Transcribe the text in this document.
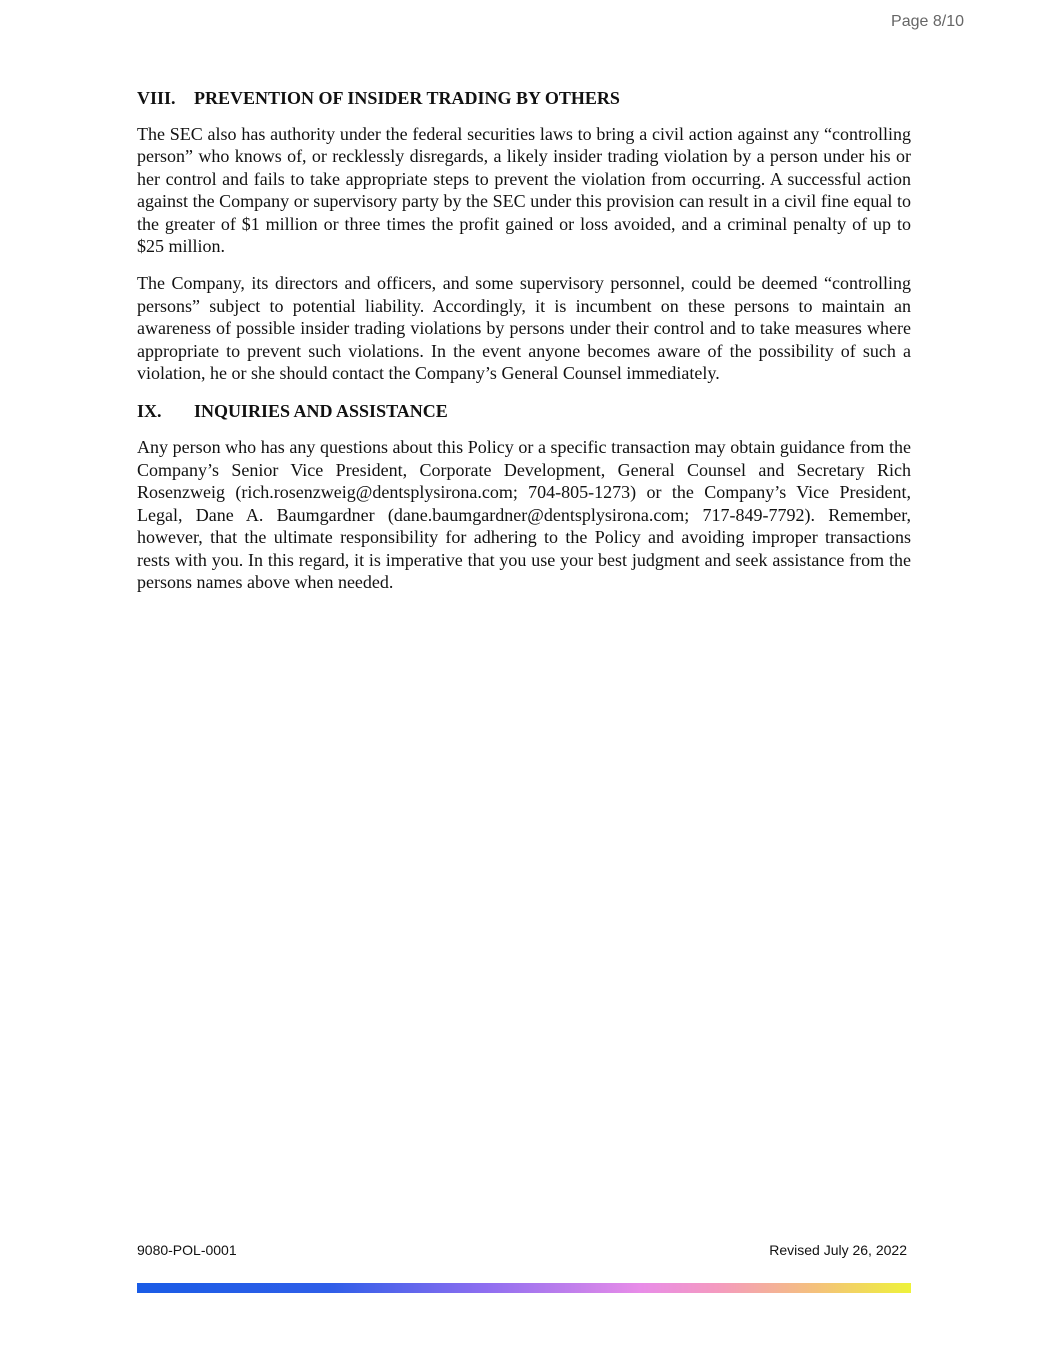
Page 8/10

VIII.	PREVENTION OF INSIDER TRADING BY OTHERS

The SEC also has authority under the federal securities laws to bring a civil action against any “controlling person” who knows of, or recklessly disregards, a likely insider trading violation by a person under his or her control and fails to take appropriate steps to prevent the violation from occurring. A successful action against the Company or supervisory party by the SEC under this provision can result in a civil fine equal to the greater of $1 million or three times the profit gained or loss avoided, and a criminal penalty of up to $25 million.

The Company, its directors and officers, and some supervisory personnel, could be deemed “controlling persons” subject to potential liability. Accordingly, it is incumbent on these persons to maintain an awareness of possible insider trading violations by persons under their control and to take measures where appropriate to prevent such violations. In the event anyone becomes aware of the possibility of such a violation, he or she should contact the Company’s General Counsel immediately.

IX.	INQUIRIES AND ASSISTANCE

Any person who has any questions about this Policy or a specific transaction may obtain guidance from the Company’s Senior Vice President, Corporate Development, General Counsel and Secretary Rich Rosenzweig (rich.rosenzweig@dentsplysirona.com; 704-805-1273) or the Company’s Vice President, Legal, Dane A. Baumgardner (dane.baumgardner@dentsplysirona.com; 717-849-7792). Remember, however, that the ultimate responsibility for adhering to the Policy and avoiding improper transactions rests with you. In this regard, it is imperative that you use your best judgment and seek assistance from the persons names above when needed.

9080-POL-0001	Revised July 26, 2022
